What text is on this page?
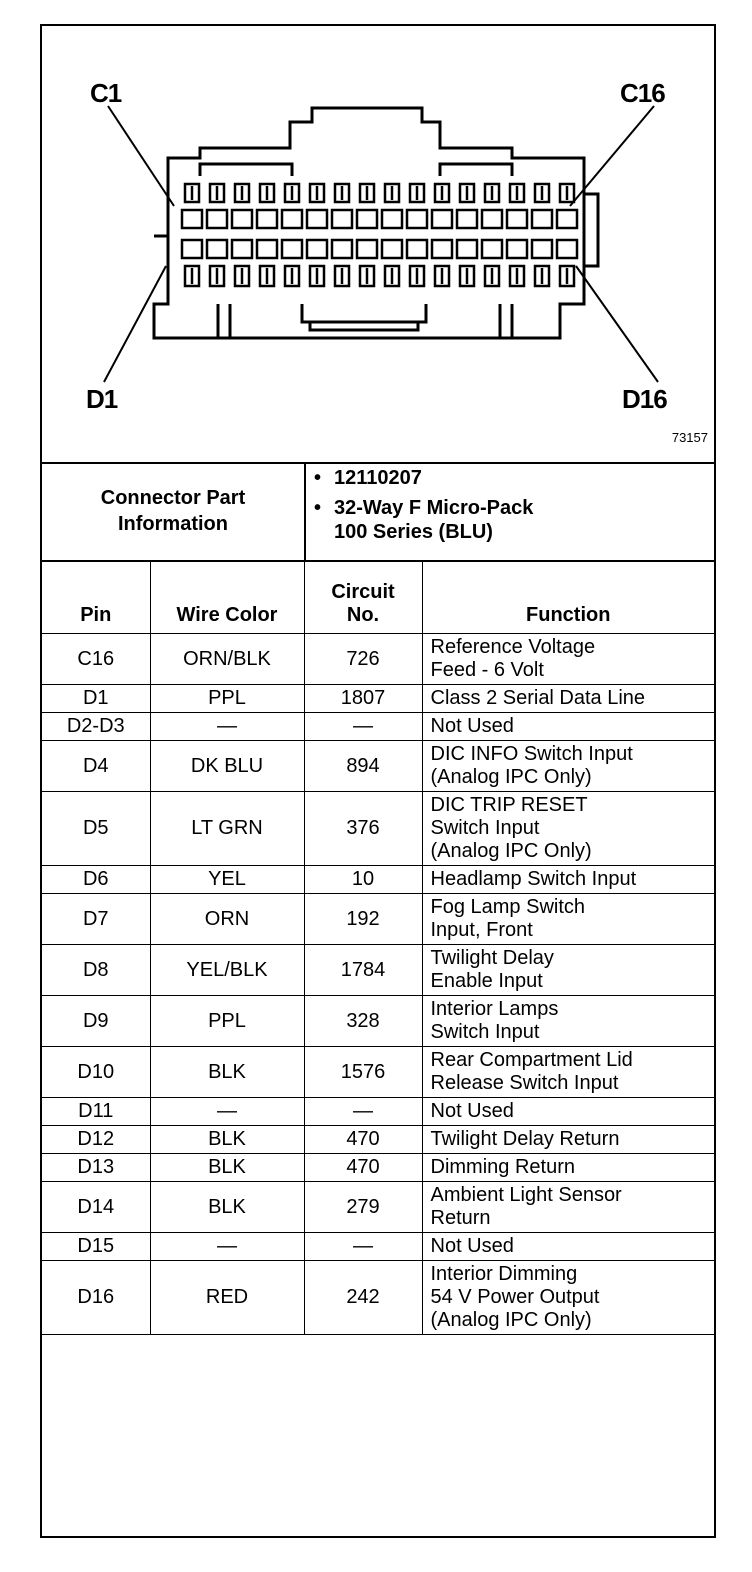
C1	C16
D1	D16
73157
Connector Part
Information
• 12110207
• 32-Way F Micro-Pack
100 Series (BLU)
Pin	Wire Color	Circuit
No.	Function
C16	ORN/BLK	726	Reference Voltage
Feed - 6 Volt

D1	PPL	1807	Class 2 Serial Data Line

D2-D3	—	—	Not Used

D4	DK BLU	894	DIC INFO Switch Input
(Analog IPC Only)

D5	LT GRN	376	DIC TRIP RESET
Switch Input
(Analog IPC Only)

D6	YEL	10	Headlamp Switch Input

D7	ORN	192	Fog Lamp Switch
Input, Front

D8	YEL/BLK	1784	Twilight Delay
Enable Input

D9	PPL	328	Interior Lamps
Switch Input

D10	BLK	1576	Rear Compartment Lid
Release Switch Input

D11	—	—	Not Used

D12	BLK	470	Twilight Delay Return

D13	BLK	470	Dimming Return

D14	BLK	279	Ambient Light Sensor
Return

D15	—	—	Not Used

D16	RED	242	Interior Dimming
54 V Power Output
(Analog IPC Only)
